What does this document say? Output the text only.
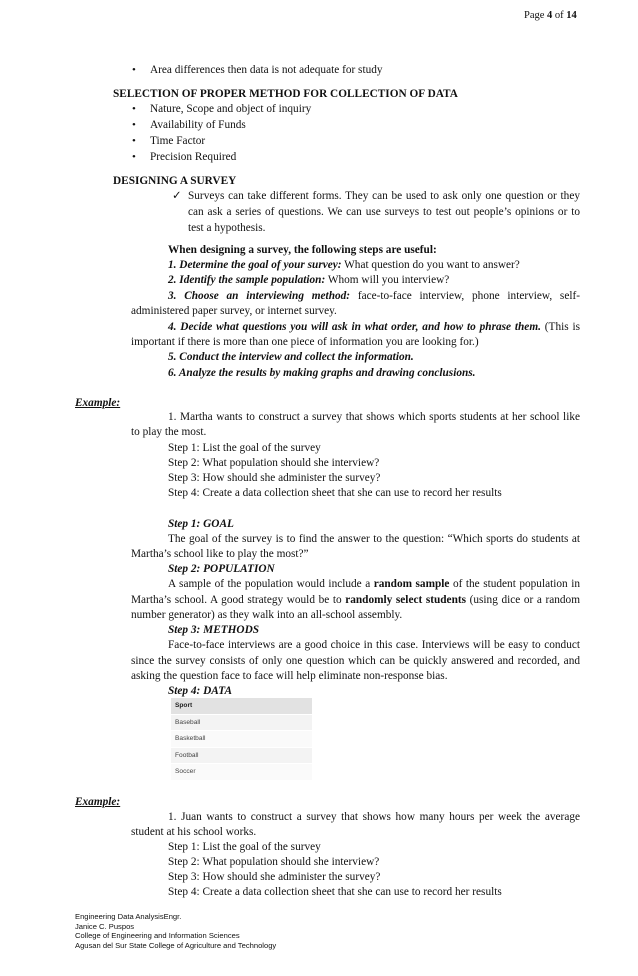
Page 4 of 14
• Area differences then data is not adequate for study
SELECTION OF PROPER METHOD FOR COLLECTION OF DATA
• Nature, Scope and object of inquiry
• Availability of Funds
• Time Factor
• Precision Required
DESIGNING A SURVEY
✓ Surveys can take different forms. They can be used to ask only one question or they
can ask a series of questions. We can use surveys to test out people’s opinions or to
test a hypothesis.
When designing a survey, the following steps are useful:
1. Determine the goal of your survey: What question do you want to answer?
2. Identify the sample population: Whom will you interview?
3. Choose an interviewing method: face-to-face interview, phone interview, self-
administered paper survey, or internet survey.
4. Decide what questions you will ask in what order, and how to phrase them. (This is
important if there is more than one piece of information you are looking for.)
5. Conduct the interview and collect the information.
6. Analyze the results by making graphs and drawing conclusions.
Example:
1. Martha wants to construct a survey that shows which sports students at her school like
to play the most.
Step 1: List the goal of the survey
Step 2: What population should she interview?
Step 3: How should she administer the survey?
Step 4: Create a data collection sheet that she can use to record her results
Step 1: GOAL
The goal of the survey is to find the answer to the question: “Which sports do students at
Martha’s school like to play the most?”
Step 2: POPULATION
A sample of the population would include a random sample of the student population in
Martha’s school. A good strategy would be to randomly select students (using dice or a random
number generator) as they walk into an all-school assembly.
Step 3: METHODS
Face-to-face interviews are a good choice in this case. Interviews will be easy to conduct
since the survey consists of only one question which can be quickly answered and recorded, and
asking the question face to face will help eliminate non-response bias.
Step 4: DATA
Sport
Baseball
Basketball
Football
Soccer
Example:
1. Juan wants to construct a survey that shows how many hours per week the average
student at his school works.
Step 1: List the goal of the survey
Step 2: What population should she interview?
Step 3: How should she administer the survey?
Step 4: Create a data collection sheet that she can use to record her results
Engineering Data AnalysisEngr.
Janice C. Puspos
College of Engineering and Information Sciences
Agusan del Sur State College of Agriculture and Technology
